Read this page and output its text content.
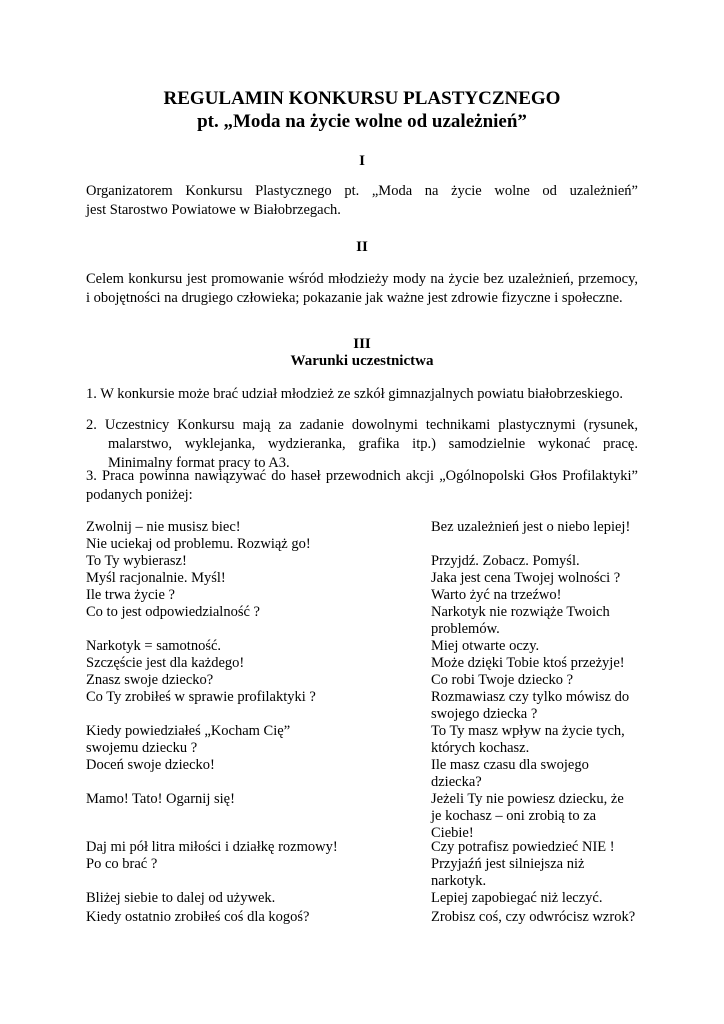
REGULAMIN KONKURSU PLASTYCZNEGO
pt. „Moda na życie wolne od uzależnień”
I
Organizatorem Konkursu Plastycznego pt. „Moda na życie wolne od uzależnień”
jest Starostwo Powiatowe w Białobrzegach.
II
Celem konkursu jest promowanie wśród młodzieży mody na życie bez uzależnień, przemocy,
i obojętności na drugiego człowieka; pokazanie jak ważne jest zdrowie fizyczne i społeczne.
III
Warunki uczestnictwa
1. W konkursie może brać udział młodzież ze szkół gimnazjalnych powiatu białobrzeskiego.
2. Uczestnicy Konkursu mają za zadanie dowolnymi technikami plastycznymi (rysunek,
malarstwo, wyklejanka, wydzieranka, grafika itp.) samodzielnie wykonać pracę.
Minimalny format pracy to A3.
3. Praca powinna nawiązywać do haseł przewodnich akcji „Ogólnopolski Głos Profilaktyki”
podanych poniżej:
Zwolnij – nie musisz biec!
Nie uciekaj od problemu. Rozwiąż go!
To Ty wybierasz!
Myśl racjonalnie. Myśl!
Ile trwa życie ?
Co to jest odpowiedzialność ?
Narkotyk = samotność.
Szczęście jest dla każdego!
Znasz swoje dziecko?
Co Ty zrobiłeś w sprawie profilaktyki ?
Kiedy powiedziałeś „Kocham Cię”
swojemu dziecku ?
Doceń swoje dziecko!
Mamo! Tato! Ogarnij się!
Daj mi pół litra miłości i działkę rozmowy!
Po co brać ?
Bliżej siebie to dalej od używek.
Kiedy ostatnio zrobiłeś coś dla kogoś?
Bez uzależnień jest o niebo lepiej!
Przyjdź. Zobacz. Pomyśl.
Jaka jest cena Twojej wolności ?
Warto żyć na trzeźwo!
Narkotyk nie rozwiąże Twoich
problemów.
Miej otwarte oczy.
Może dzięki Tobie ktoś przeżyje!
Co robi Twoje dziecko ?
Rozmawiasz czy tylko mówisz do
swojego dziecka ?
To Ty masz wpływ na życie tych,
których kochasz.
Ile masz czasu dla swojego
dziecka?
Jeżeli Ty nie powiesz dziecku, że
je kochasz – oni zrobią to za
Ciebie!
Czy potrafisz powiedzieć NIE !
Przyjaźń jest silniejsza niż
narkotyk.
Lepiej zapobiegać niż leczyć.
Zrobisz coś, czy odwrócisz wzrok?
